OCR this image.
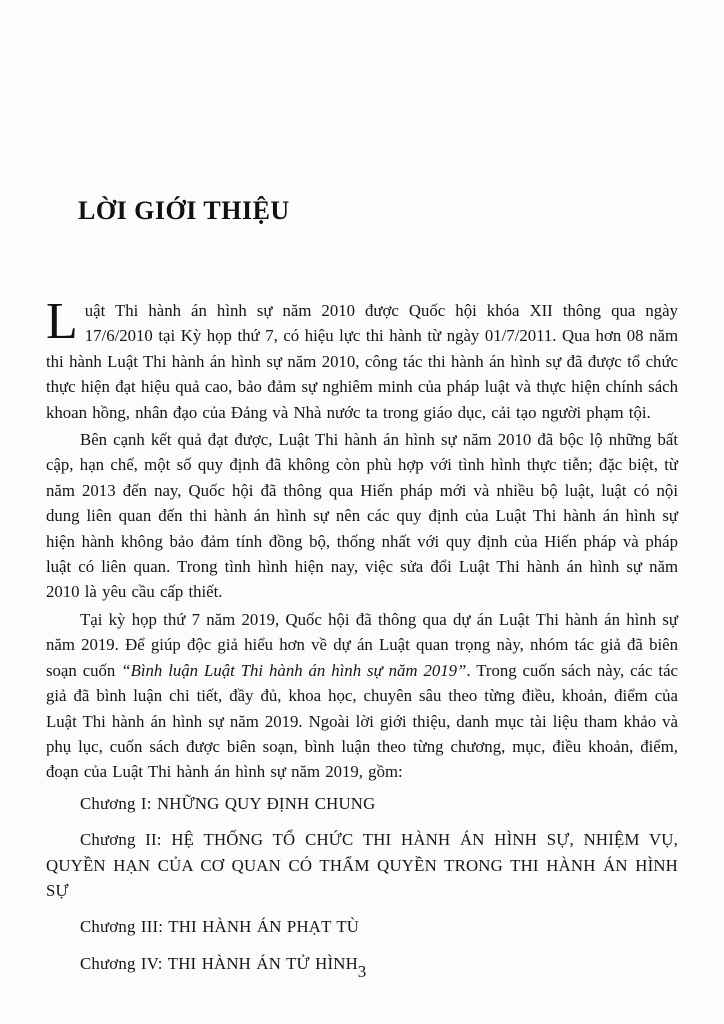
LỜI GIỚI THIỆU

Luật Thi hành án hình sự năm 2010 được Quốc hội khóa XII thông qua ngày 17/6/2010 tại Kỳ họp thứ 7, có hiệu lực thi hành từ ngày 01/7/2011. Qua hơn 08 năm thi hành Luật Thi hành án hình sự năm 2010, công tác thi hành án hình sự đã được tổ chức thực hiện đạt hiệu quả cao, bảo đảm sự nghiêm minh của pháp luật và thực hiện chính sách khoan hồng, nhân đạo của Đảng và Nhà nước ta trong giáo dục, cải tạo người phạm tội.

Bên cạnh kết quả đạt được, Luật Thi hành án hình sự năm 2010 đã bộc lộ những bất cập, hạn chế, một số quy định đã không còn phù hợp với tình hình thực tiễn; đặc biệt, từ năm 2013 đến nay, Quốc hội đã thông qua Hiến pháp mới và nhiều bộ luật, luật có nội dung liên quan đến thi hành án hình sự nên các quy định của Luật Thi hành án hình sự hiện hành không bảo đảm tính đồng bộ, thống nhất với quy định của Hiến pháp và pháp luật có liên quan. Trong tình hình hiện nay, việc sửa đổi Luật Thi hành án hình sự năm 2010 là yêu cầu cấp thiết.

Tại kỳ họp thứ 7 năm 2019, Quốc hội đã thông qua dự án Luật Thi hành án hình sự năm 2019. Để giúp độc giả hiểu hơn về dự án Luật quan trọng này, nhóm tác giả đã biên soạn cuốn “Bình luận Luật Thi hành án hình sự năm 2019”. Trong cuốn sách này, các tác giả đã bình luận chi tiết, đầy đủ, khoa học, chuyên sâu theo từng điều, khoản, điểm của Luật Thi hành án hình sự năm 2019. Ngoài lời giới thiệu, danh mục tài liệu tham khảo và phụ lục, cuốn sách được biên soạn, bình luận theo từng chương, mục, điều khoản, điểm, đoạn của Luật Thi hành án hình sự năm 2019, gồm:

Chương I: NHỮNG QUY ĐỊNH CHUNG

Chương II: HỆ THỐNG TỔ CHỨC THI HÀNH ÁN HÌNH SỰ, NHIỆM VỤ, QUYỀN HẠN CỦA CƠ QUAN CÓ THẨM QUYỀN TRONG THI HÀNH ÁN HÌNH SỰ

Chương III: THI HÀNH ÁN PHẠT TÙ

Chương IV: THI HÀNH ÁN TỬ HÌNH 3
